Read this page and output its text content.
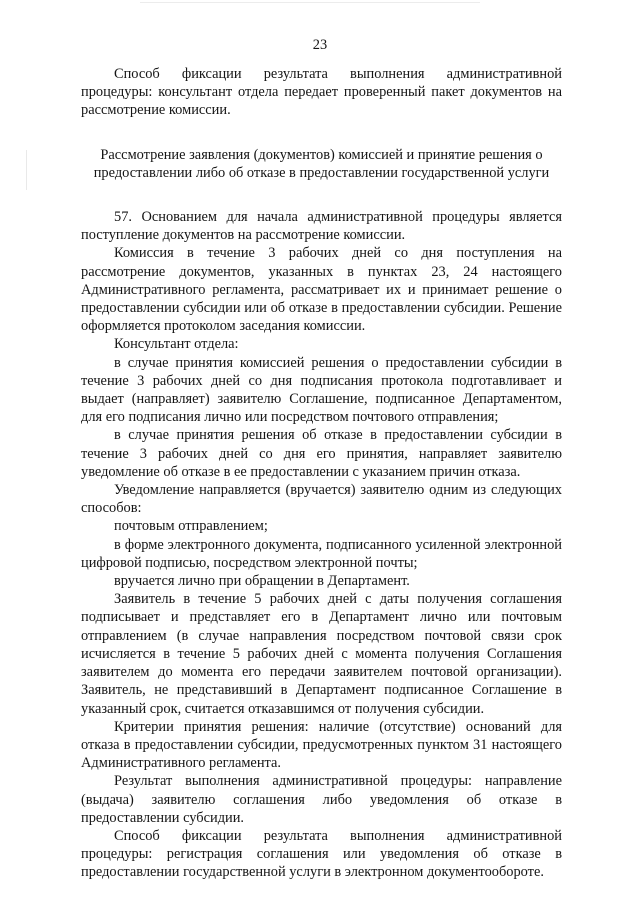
23

Способ фиксации результата выполнения административной процедуры: консультант отдела передает проверенный пакет документов на рассмотрение комиссии.

Рассмотрение заявления (документов) комиссией и принятие решения о
предоставлении либо об отказе в предоставлении государственной услуги

57. Основанием для начала административной процедуры является поступление документов на рассмотрение комиссии.

Комиссия в течение 3 рабочих дней со дня поступления на рассмотрение документов, указанных в пунктах 23, 24 настоящего Административного регламента, рассматривает их и принимает решение о предоставлении субсидии или об отказе в предоставлении субсидии. Решение оформляется протоколом заседания комиссии.

Консультант отдела:

в случае принятия комиссией решения о предоставлении субсидии в течение 3 рабочих дней со дня подписания протокола подготавливает и выдает (направляет) заявителю Соглашение, подписанное Департаментом, для его подписания лично или посредством почтового отправления;

в случае принятия решения об отказе в предоставлении субсидии в течение 3 рабочих дней со дня его принятия, направляет заявителю уведомление об отказе в ее предоставлении с указанием причин отказа.

Уведомление направляется (вручается) заявителю одним из следующих способов:

почтовым отправлением;

в форме электронного документа, подписанного усиленной электронной цифровой подписью, посредством электронной почты;

вручается лично при обращении в Департамент.

Заявитель в течение 5 рабочих дней с даты получения соглашения подписывает и представляет его в Департамент лично или почтовым отправлением (в случае направления посредством почтовой связи срок исчисляется в течение 5 рабочих дней с момента получения Соглашения заявителем до момента его передачи заявителем почтовой организации). Заявитель, не представивший в Департамент подписанное Соглашение в указанный срок, считается отказавшимся от получения субсидии.

Критерии принятия решения: наличие (отсутствие) оснований для отказа в предоставлении субсидии, предусмотренных пунктом 31 настоящего Административного регламента.

Результат выполнения административной процедуры: направление (выдача) заявителю соглашения либо уведомления об отказе в предоставлении субсидии.

Способ фиксации результата выполнения административной процедуры: регистрация соглашения или уведомления об отказе в предоставлении государственной услуги в электронном документообороте.
